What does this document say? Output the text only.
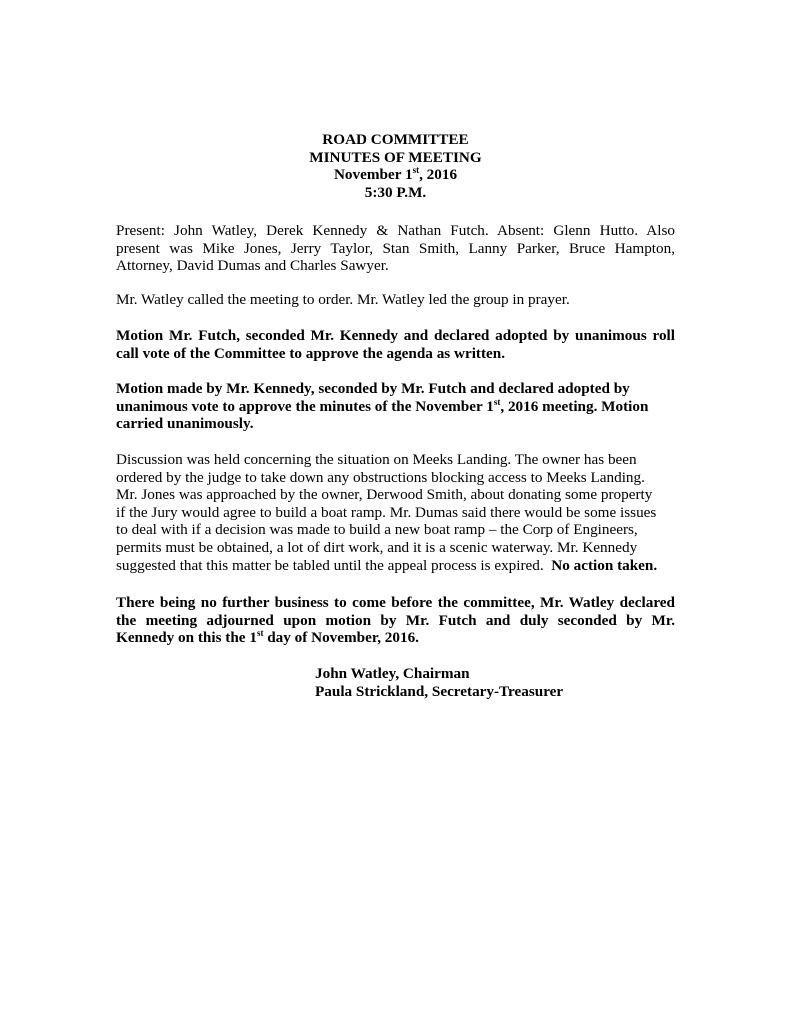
ROAD COMMITTEE
MINUTES OF MEETING
November 1st, 2016
5:30 P.M.
Present: John Watley, Derek Kennedy & Nathan Futch. Absent: Glenn Hutto. Also
present was Mike Jones, Jerry Taylor, Stan Smith, Lanny Parker, Bruce Hampton,
Attorney, David Dumas and Charles Sawyer.
Mr. Watley called the meeting to order. Mr. Watley led the group in prayer.
Motion Mr. Futch, seconded Mr. Kennedy and declared adopted by unanimous roll
call vote of the Committee to approve the agenda as written.
Motion made by Mr. Kennedy, seconded by Mr. Futch and declared adopted by
unanimous vote to approve the minutes of the November 1st, 2016 meeting. Motion
carried unanimously.
Discussion was held concerning the situation on Meeks Landing. The owner has been
ordered by the judge to take down any obstructions blocking access to Meeks Landing.
Mr. Jones was approached by the owner, Derwood Smith, about donating some property
if the Jury would agree to build a boat ramp. Mr. Dumas said there would be some issues
to deal with if a decision was made to build a new boat ramp – the Corp of Engineers,
permits must be obtained, a lot of dirt work, and it is a scenic waterway. Mr. Kennedy
suggested that this matter be tabled until the appeal process is expired. No action taken.
There being no further business to come before the committee, Mr. Watley declared
the meeting adjourned upon motion by Mr. Futch and duly seconded by Mr.
Kennedy on this the 1st day of November, 2016.
John Watley, Chairman
Paula Strickland, Secretary-Treasurer
